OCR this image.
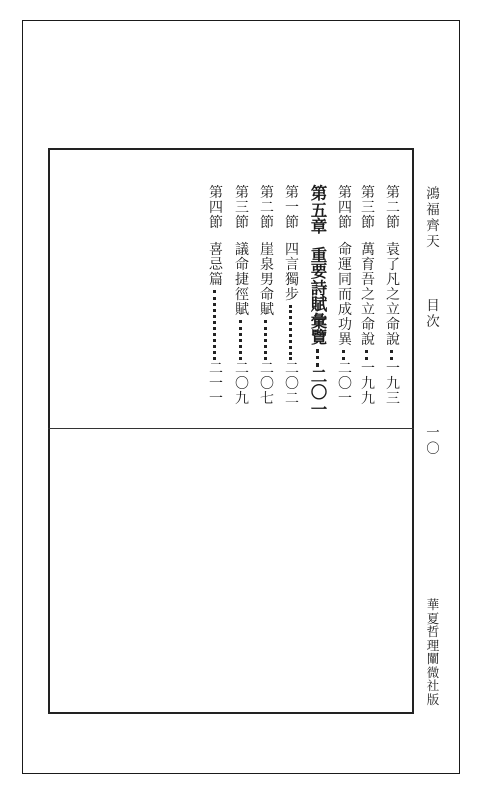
第
二
節
袁
了
凡
之
立
命
說
一
九
三
第
三
節
萬
育
吾
之
立
命
說
一
九
九
第
四
節
命
運
同
而
成
功
異
二
〇
一
第
五
章
重
要
詩
賦
彙
覽
二
〇
一
第
一
節
四
言
獨
步
二
〇
二
第
二
節
崖
泉
男
命
賦
二
〇
七
第
三
節
議
命
捷
徑
賦
二
〇
九
第
四
節
喜
忌
篇
二
一
一
鴻
福
齊
天
目
次
一
〇
華
夏
哲
理
闡
微
社
版
